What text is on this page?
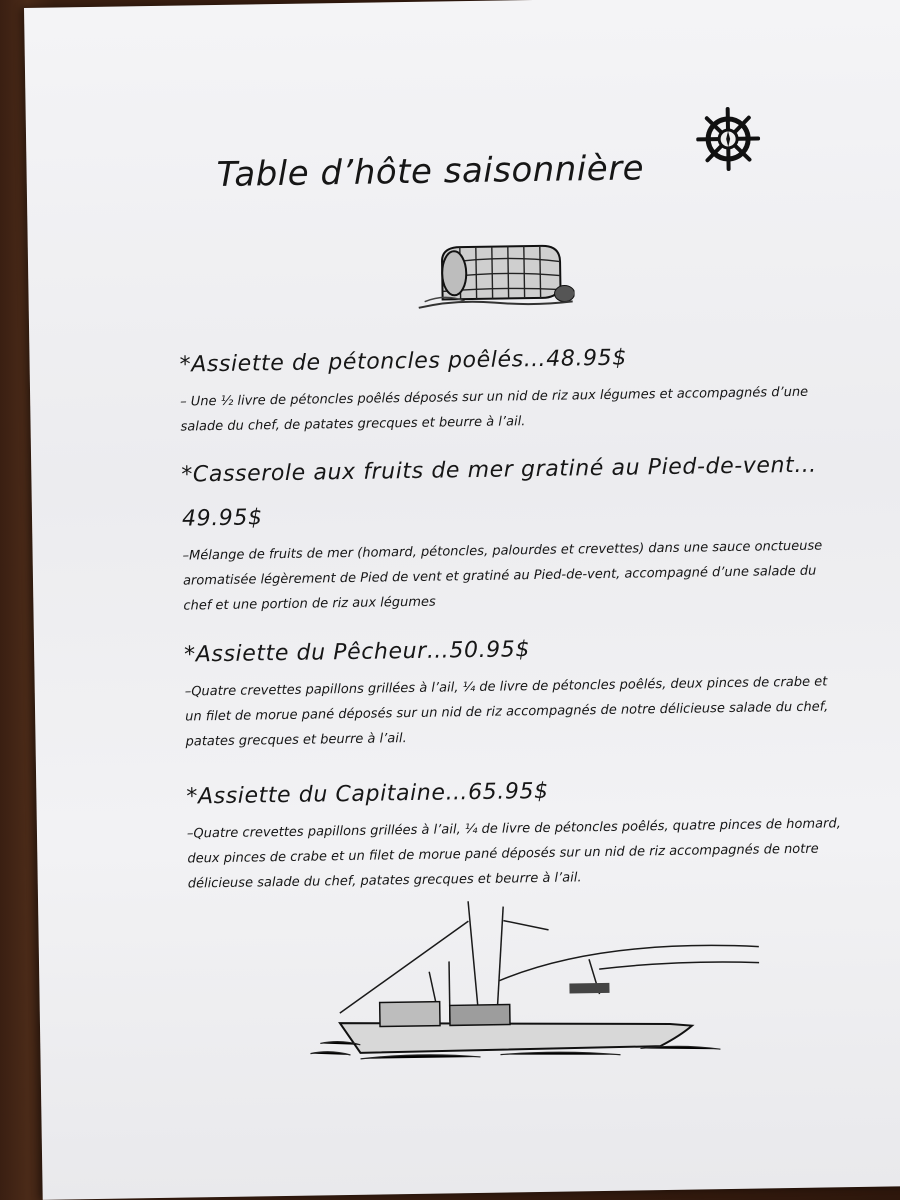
Table d’hôte saisonnière
*Assiette de pétoncles poêlés…48.95$
– Une ½ livre de pétoncles poêlés déposés sur un nid de riz aux légumes et accompagnés d’une salade du chef, de patates grecques et beurre à l’ail.
*Casserole aux fruits de mer gratiné au Pied-de-vent…49.95$
–Mélange de fruits de mer (homard, pétoncles, palourdes et crevettes) dans une sauce onctueuse aromatisée légèrement de Pied de vent et gratiné au Pied-de-vent, accompagné d’une salade du chef et une portion de riz aux légumes
*Assiette du Pêcheur…50.95$
–Quatre crevettes papillons grillées à l’ail, ¼ de livre de pétoncles poêlés, deux pinces de crabe et un filet de morue pané déposés sur un nid de riz accompagnés de notre délicieuse salade du chef, patates grecques et beurre à l’ail.
*Assiette du Capitaine…65.95$
–Quatre crevettes papillons grillées à l’ail, ¼ de livre de pétoncles poêlés, quatre pinces de homard, deux pinces de crabe et un filet de morue pané déposés sur un nid de riz accompagnés de notre délicieuse salade du chef, patates grecques et beurre à l’ail.
